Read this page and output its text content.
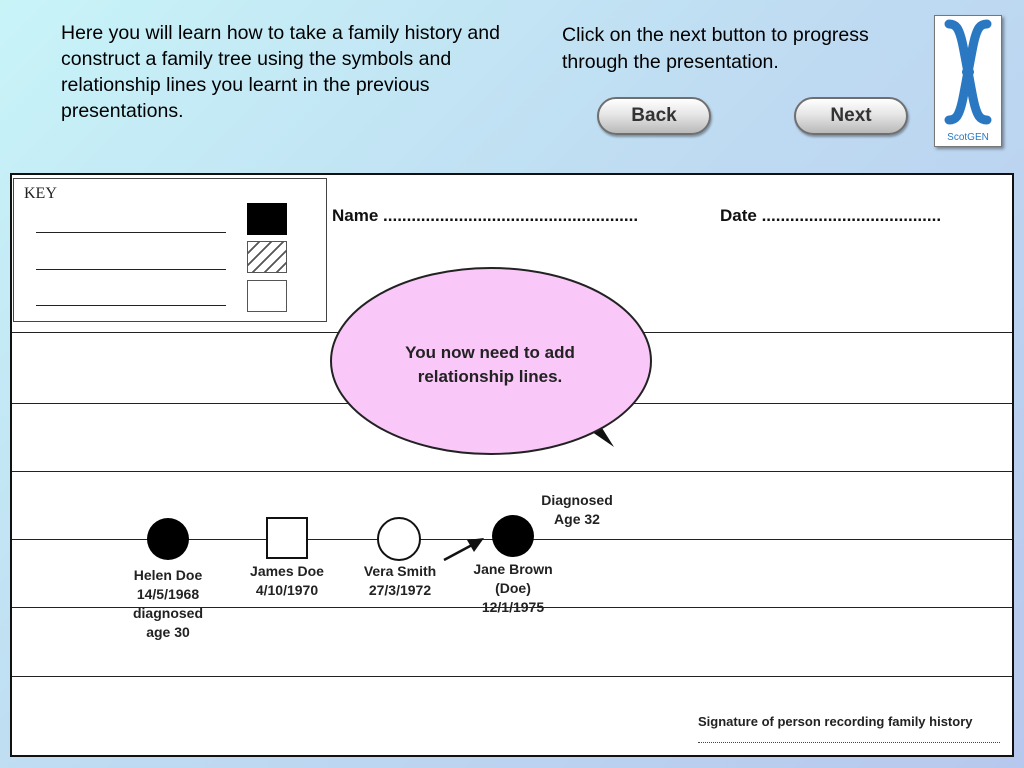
Here you will learn how to take a family history and construct a family tree using the symbols and relationship lines you learnt in the previous presentations.
Click on the next button to progress through the presentation.
Back	Next
ScotGEN
KEY
Name ......................................................	Date ......................................
You now need to add relationship lines.
Helen Doe
14/5/1968
diagnosed
age 30
James Doe
4/10/1970
Vera Smith
27/3/1972
Jane Brown
(Doe)
12/1/1975
Diagnosed
Age 32
Signature of person recording family history
